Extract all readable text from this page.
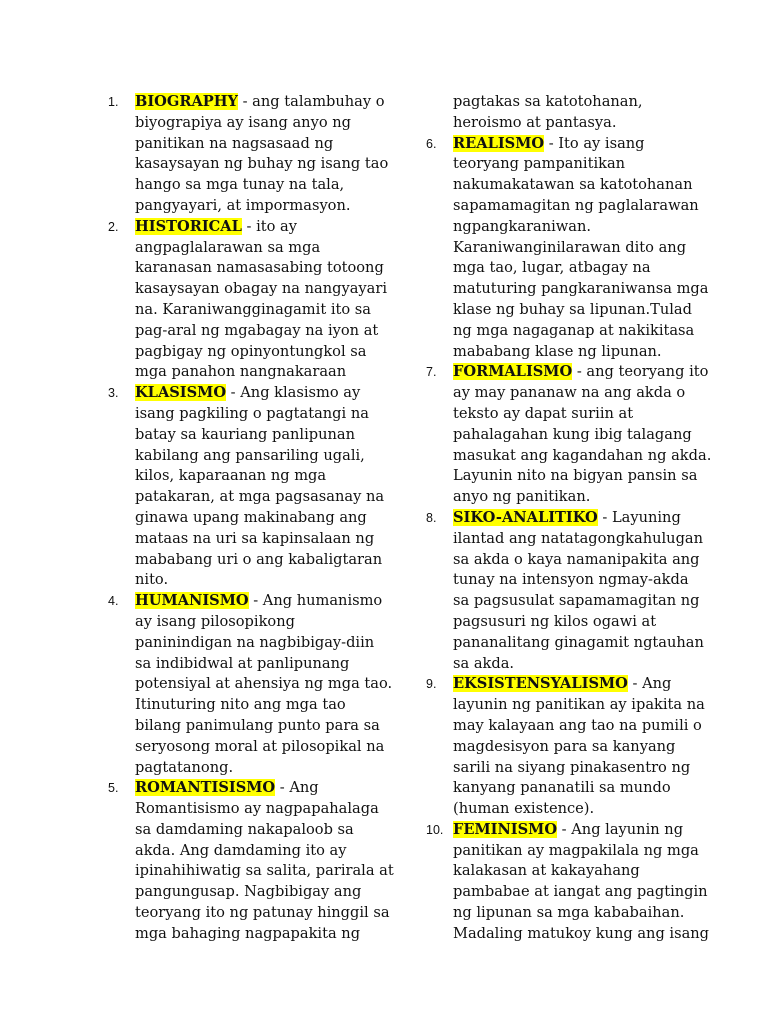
1. BIOGRAPHY - ang talambuhay o
biyograpiya ay isang anyo ng
panitikan na nagsasaad ng
kasaysayan ng buhay ng isang tao
hango sa mga tunay na tala,
pangyayari, at impormasyon.
2. HISTORICAL - ito ay
angpaglalarawan sa mga
karanasan namasasabing totoong
kasaysayan obagay na nangyayari
na. Karaniwangginagamit ito sa
pag-aral ng mgabagay na iyon at
pagbigay ng opinyontungkol sa
mga panahon nangnakaraan
3. KLASISMO - Ang klasismo ay
isang pagkiling o pagtatangi na
batay sa kauriang panlipunan
kabilang ang pansariling ugali,
kilos, kaparaanan ng mga
patakaran, at mga pagsasanay na
ginawa upang makinabang ang
mataas na uri sa kapinsalaan ng
mababang uri o ang kabaligtaran
nito.
4. HUMANISMO - Ang humanismo
ay isang pilosopikong
paninindigan na nagbibigay-diin
sa indibidwal at panlipunang
potensiyal at ahensiya ng mga tao.
Itinuturing nito ang mga tao
bilang panimulang punto para sa
seryosong moral at pilosopikal na
pagtatanong.
5. ROMANTISISMO - Ang
Romantisismo ay nagpapahalaga
sa damdaming nakapaloob sa
akda. Ang damdaming ito ay
ipinahihiwatig sa salita, parirala at
pangungusap. Nagbibigay ang
teoryang ito ng patunay hinggil sa
mga bahaging nagpapakita ng
pagtakas sa katotohanan,
heroismo at pantasya.
6. REALISMO - Ito ay isang
teoryang pampanitikan
nakumakatawan sa katotohanan
sapamamagitan ng paglalarawan
ngpangkaraniwan.
Karaniwanginilarawan dito ang
mga tao, lugar, atbagay na
matuturing pangkaraniwansa mga
klase ng buhay sa lipunan.Tulad
ng mga nagaganap at nakikitasa
mababang klase ng lipunan.
7. FORMALISMO - ang teoryang ito
ay may pananaw na ang akda o
teksto ay dapat suriin at
pahalagahan kung ibig talagang
masukat ang kagandahan ng akda.
Layunin nito na bigyan pansin sa
anyo ng panitikan.
8. SIKO-ANALITIKO - Layuning
ilantad ang natatagongkahulugan
sa akda o kaya namanipakita ang
tunay na intensyon ngmay-akda
sa pagsusulat sapamamagitan ng
pagsusuri ng kilos ogawi at
pananalitang ginagamit ngtauhan
sa akda.
9. EKSISTENSYALISMO - Ang
layunin ng panitikan ay ipakita na
may kalayaan ang tao na pumili o
magdesisyon para sa kanyang
sarili na siyang pinakasentro ng
kanyang pananatili sa mundo
(human existence).
10. FEMINISMO - Ang layunin ng
panitikan ay magpakilala ng mga
kalakasan at kakayahang
pambabae at iangat ang pagtingin
ng lipunan sa mga kababaihan.
Madaling matukoy kung ang isang
